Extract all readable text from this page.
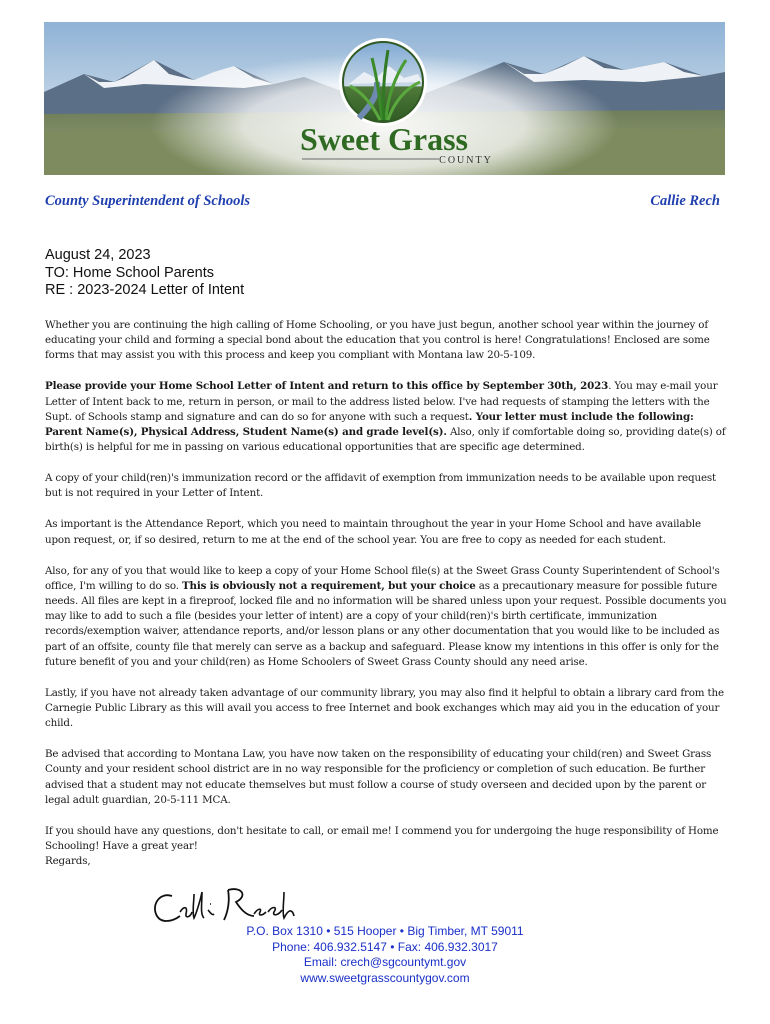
Sweet Grass
COUNTY
County Superintendent of Schools	Callie Rech
August 24, 2023
TO: Home School Parents
RE : 2023-2024 Letter of Intent

Whether you are continuing the high calling of Home Schooling, or you have just begun, another school year within the journey of educating your child and forming a special bond about the education that you control is here! Congratulations! Enclosed are some forms that may assist you with this process and keep you compliant with Montana law 20-5-109.

Please provide your Home School Letter of Intent and return to this office by September 30th, 2023. You may e-mail your Letter of Intent back to me, return in person, or mail to the address listed below. I've had requests of stamping the letters with the Supt. of Schools stamp and signature and can do so for anyone with such a request. Your letter must include the following: Parent Name(s), Physical Address, Student Name(s) and grade level(s). Also, only if comfortable doing so, providing date(s) of birth(s) is helpful for me in passing on various educational opportunities that are specific age determined.

A copy of your child(ren)'s immunization record or the affidavit of exemption from immunization needs to be available upon request but is not required in your Letter of Intent.

As important is the Attendance Report, which you need to maintain throughout the year in your Home School and have available upon request, or, if so desired, return to me at the end of the school year. You are free to copy as needed for each student.

Also, for any of you that would like to keep a copy of your Home School file(s) at the Sweet Grass County Superintendent of School's office, I'm willing to do so. This is obviously not a requirement, but your choice as a precautionary measure for possible future needs. All files are kept in a fireproof, locked file and no information will be shared unless upon your request. Possible documents you may like to add to such a file (besides your letter of intent) are a copy of your child(ren)'s birth certificate, immunization records/exemption waiver, attendance reports, and/or lesson plans or any other documentation that you would like to be included as part of an offsite, county file that merely can serve as a backup and safeguard. Please know my intentions in this offer is only for the future benefit of you and your child(ren) as Home Schoolers of Sweet Grass County should any need arise.

Lastly, if you have not already taken advantage of our community library, you may also find it helpful to obtain a library card from the Carnegie Public Library as this will avail you access to free Internet and book exchanges which may aid you in the education of your child.

Be advised that according to Montana Law, you have now taken on the responsibility of educating your child(ren) and Sweet Grass County and your resident school district are in no way responsible for the proficiency or completion of such education. Be further advised that a student may not educate themselves but must follow a course of study overseen and decided upon by the parent or legal adult guardian, 20-5-111 MCA.

If you should have any questions, don't hesitate to call, or email me! I commend you for undergoing the huge responsibility of Home Schooling! Have a great year!
Regards,
P.O. Box 1310 • 515 Hooper • Big Timber, MT 59011
Phone: 406.932.5147 • Fax: 406.932.3017
Email: crech@sgcountymt.gov
www.sweetgrasscountygov.com
